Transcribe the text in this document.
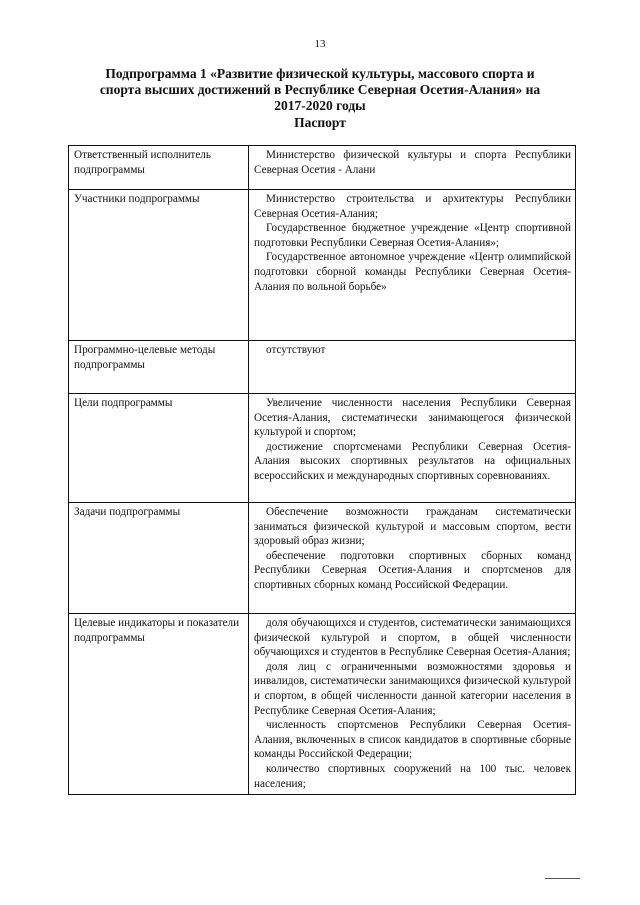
13
Подпрограмма 1 «Развитие физической культуры, массового спорта и
спорта высших достижений в Республике Северная Осетия-Алания» на
2017-2020 годы
Паспорт
Ответственный исполнитель подпрограммы	Министерство физической культуры и спорта Республики Северная Осетия - Алани

Участники подпрограммы	Министерство строительства и архитектуры Республики Северная Осетия-Алания;

Государственное бюджетное учреждение «Центр спортивной подготовки Республики Северная Осетия-Алания»;

Государственное автономное учреждение «Центр олимпийской подготовки сборной команды Республики Северная Осетия-Алания по вольной борьбе»

Программно-целевые методы подпрограммы	отсутствуют

Цели подпрограммы	Увеличение численности населения Республики Северная Осетия-Алания, систематически занимающегося физической культурой и спортом;

достижение спортсменами Республики Северная Осетия-Алания высоких спортивных результатов на официальных всероссийских и международных спортивных соревнованиях.

Задачи подпрограммы	Обеспечение возможности гражданам систематически заниматься физической культурой и массовым спортом, вести здоровый образ жизни;

обеспечение подготовки спортивных сборных команд Республики Северная Осетия-Алания и спортсменов для спортивных сборных команд Российской Федерации.

Целевые индикаторы и показатели подпрограммы	доля обучающихся и студентов, систематически занимающихся физической культурой и спортом, в общей численности обучающихся и студентов в Республике Северная Осетия-Алания;

доля лиц с ограниченными возможностями здоровья и инвалидов, систематически занимающихся физической культурой и спортом, в общей численности данной категории населения в Республике Северная Осетия-Алания;

численность спортсменов Республики Северная Осетия-Алания, включенных в список кандидатов в спортивные сборные команды Российской Федерации;

количество спортивных сооружений на 100 тыс. человек населения;
